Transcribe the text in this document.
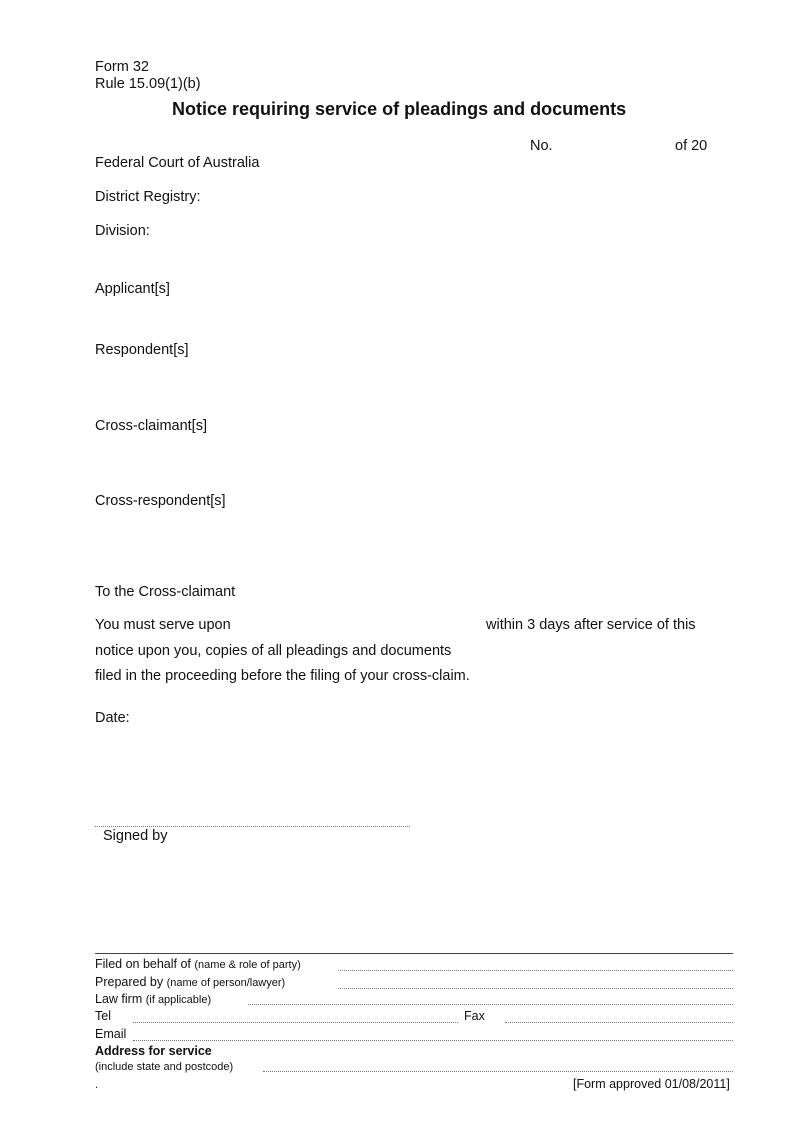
Form 32
Rule 15.09(1)(b)
Notice requiring service of pleadings and documents
No.	of 20
Federal Court of Australia
District Registry:
Division:
Applicant[s]
Respondent[s]
Cross-claimant[s]
Cross-respondent[s]
To the Cross-claimant
You must serve upon	within 3 days after service of this
notice upon you, copies of all pleadings and documents
filed in the proceeding before the filing of your cross-claim.
Date:
Signed by
Filed on behalf of (name & role of party)
Prepared by (name of person/lawyer)
Law firm (if applicable)
Tel	Fax
Email
Address for service
(include state and postcode)
.	[Form approved 01/08/2011]
